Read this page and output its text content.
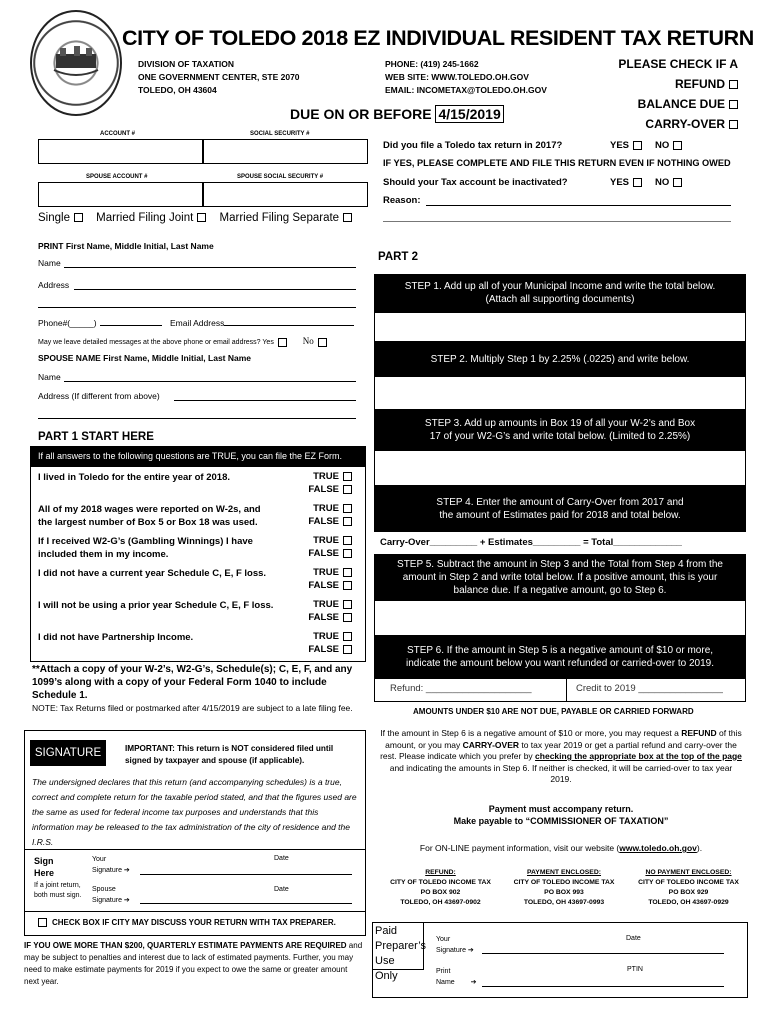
CITY OF TOLEDO 2018 EZ INDIVIDUAL RESIDENT TAX RETURN
DIVISION OF TAXATION
ONE GOVERNMENT CENTER, STE 2070
TOLEDO, OH 43604
PHONE: (419) 245-1662
WEB SITE: WWW.TOLEDO.OH.GOV
EMAIL: INCOMETAX@TOLEDO.OH.GOV
PLEASE CHECK IF A
REFUND
BALANCE DUE
CARRY-OVER
DUE ON OR BEFORE 4/15/2019
ACCOUNT #	SOCIAL SECURITY #
SPOUSE ACCOUNT #	SPOUSE SOCIAL SECURITY #
Did you file a Toledo tax return in 2017?	YES	NO
IF YES, PLEASE COMPLETE AND FILE THIS RETURN EVEN IF NOTHING OWED
Should your Tax account be inactivated?	YES	NO
Reason:
Single Married Filing Joint Married Filing Separate
PRINT First Name, Middle Initial, Last Name
Name
Address
Phone#(_____)	Email Address
May we leave detailed messages at the above phone or email address? Yes	No
SPOUSE NAME First Name, Middle Initial, Last Name
Name
Address (If different from above)
PART 1 START HERE
If all answers to the following questions are TRUE, you can file the EZ Form.
I lived in Toledo for the entire year of 2018.	TRUE
FALSE
All of my 2018 wages were reported on W-2s, and the largest number of Box 5 or Box 18 was used.
TRUE
FALSE
If I received W2-G’s (Gambling Winnings) I have included them in my income.
TRUE
FALSE
I did not have a current year Schedule C, E, F loss.	TRUE
FALSE
I will not be using a prior year Schedule C, E, F loss.	TRUE
FALSE
I did not have Partnership Income.	TRUE
FALSE
**Attach a copy of your W-2’s, W2-G’s, Schedule(s); C, E, F, and any 1099’s along with a copy of your Federal Form 1040 to include Schedule 1.
NOTE: Tax Returns filed or postmarked after 4/15/2019 are subject to a late filing fee.
PART 2
STEP 1. Add up all of your Municipal Income and write the total below. (Attach all supporting documents)
STEP 2. Multiply Step 1 by 2.25% (.0225) and write below.
STEP 3. Add up amounts in Box 19 of all your W-2’s and Box 17 of your W2-G’s and write total below. (Limited to 2.25%)
STEP 4. Enter the amount of Carry-Over from 2017 and the amount of Estimates paid for 2018 and total below.
Carry-Over_________ + Estimates_________ = Total_____________
STEP 5. Subtract the amount in Step 3 and the Total from Step 4 from the amount in Step 2 and write total below. If a positive amount, this is your balance due. If a negative amount, go to Step 6.
STEP 6. If the amount in Step 5 is a negative amount of $10 or more, indicate the amount below you want refunded or carried-over to 2019.
Refund: ____________________	Credit to 2019 ________________
AMOUNTS UNDER $10 ARE NOT DUE, PAYABLE OR CARRIED FORWARD
If the amount in Step 6 is a negative amount of $10 or more, you may request a REFUND of this amount, or you may CARRY-OVER to tax year 2019 or get a partial refund and carry-over the rest. Please indicate which you prefer by checking the appropriate box at the top of the page and indicating the amounts in Step 6. If neither is checked, it will be carried-over to tax year 2019.
Payment must accompany return.
Make payable to “COMMISSIONER OF TAXATION”
For ON-LINE payment information, visit our website (www.toledo.oh.gov).
REFUND:
CITY OF TOLEDO INCOME TAX
PO BOX 902
TOLEDO, OH 43697-0902
PAYMENT ENCLOSED:
CITY OF TOLEDO INCOME TAX
PO BOX 993
TOLEDO, OH 43697-0993
NO PAYMENT ENCLOSED:
CITY OF TOLEDO INCOME TAX
PO BOX 929
TOLEDO, OH 43697-0929
SIGNATURE	IMPORTANT: This return is NOT considered filed until signed by taxpayer and spouse (if applicable).
The undersigned declares that this return (and accompanying schedules) is a true, correct and complete return for the taxable period stated, and that the figures used are the same as used for federal income tax purposes and understands that this information may be released to the tax administration of the city of residence and the I.R.S.
Sign Here
If a joint return, both must sign.
Your
Signature ➔
Date
Spouse
Signature ➔
Date
CHECK BOX IF CITY MAY DISCUSS YOUR RETURN WITH TAX PREPARER.
IF YOU OWE MORE THAN $200, QUARTERLY ESTIMATE PAYMENTS ARE REQUIRED and may be subject to penalties and interest due to lack of estimated payments. Further, you may need to make estimate payments for 2019 if you expect to owe the same or greater amount next year.
Paid Preparer’s Use Only
Your
Signature ➔
Date
Print
Name ➔
PTIN
